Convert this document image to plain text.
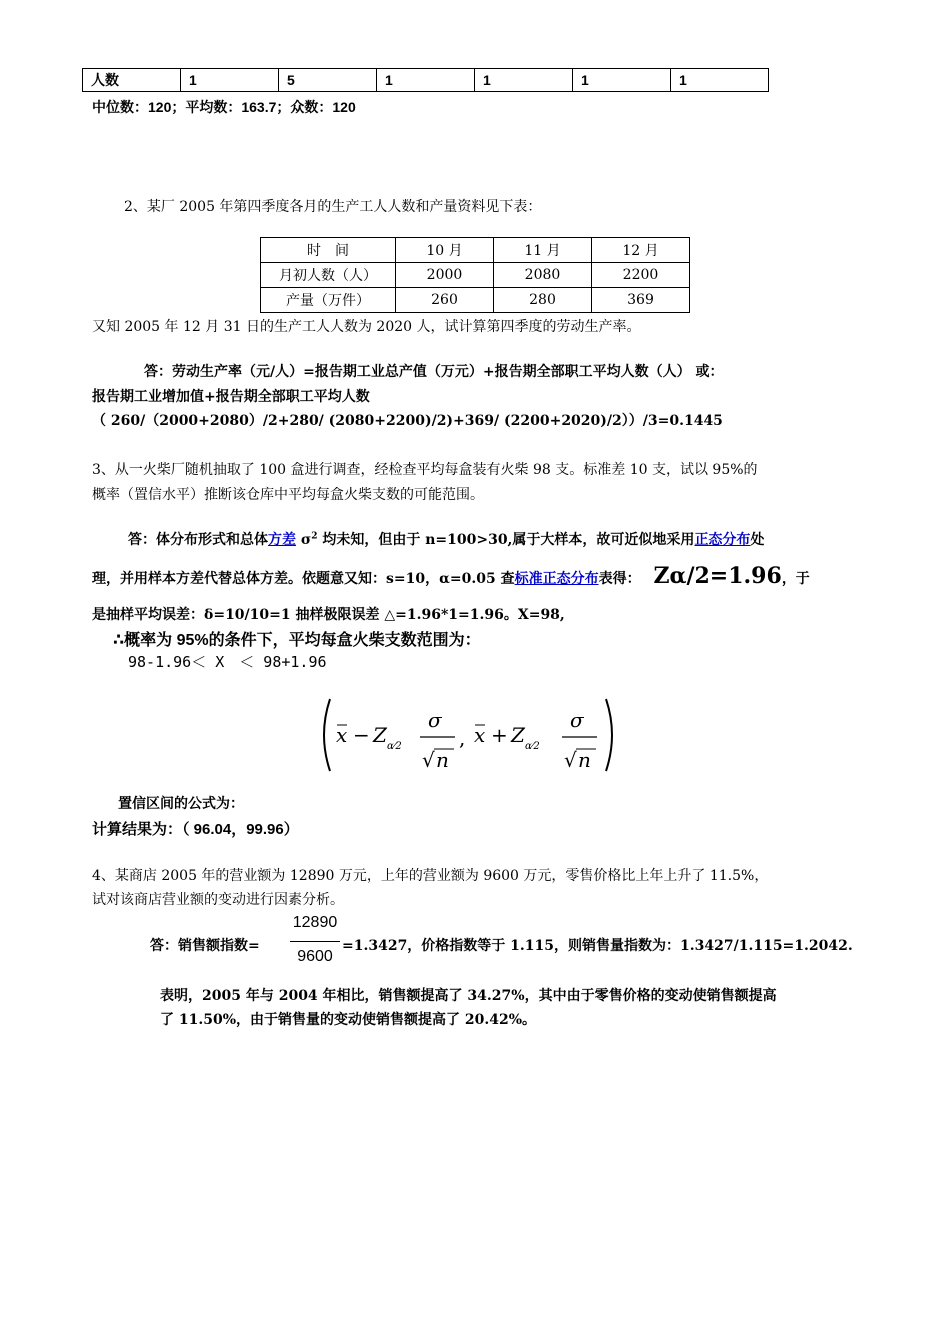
人数	1	5	1	1	1	1
中位数：120；平均数：163.7；众数：120
2、某厂 2005 年第四季度各月的生产工人人数和产量资料见下表：
时　间	10 月	11 月	12 月
月初人数（人）	2000	2080	2200
产量（万件）	260	280	369
又知 2005 年 12 月 31 日的生产工人人数为 2020 人，试计算第四季度的劳动生产率。
答：劳动生产率（元/人）=报告期工业总产值（万元）+报告期全部职工平均人数（人） 或：
报告期工业增加值+报告期全部职工平均人数
（ 260/（2000+2080）/2+280/ (2080+2200)/2)+369/ (2200+2020)/2））/3=0.1445
3、从一火柴厂随机抽取了 100 盒进行调查，经检查平均每盒装有火柴 98 支。标准差 10 支，试以 95%的
概率（置信水平）推断该仓库中平均每盒火柴支数的可能范围。
答：体分布形式和总体方差 $\sigma^2$ 均未知，但由于 n=100>30,属于大样本，故可近似地采用正态分布处
理，并用样本方差代替总体方差。依题意又知：s=10，α=0.05 查标准正态分布表得： Zα/2=1.96，于
是抽样平均误差：δ=10/10=1 抽样极限误差 △=1.96*1=1.96。X=98,
∴概率为 95%的条件下，平均每盒火柴支数范围为：
98-1.96＜ X　＜ 98+1.96
x − Z α⁄2
σ
√ n
, x + Z α⁄2
σ
√ n
置信区间的公式为：
计算结果为：（ 96.04，99.96）
4、某商店 2005 年的营业额为 12890 万元，上年的营业额为 9600 万元，零售价格比上年上升了 11.5%，
试对该商店营业额的变动进行因素分析。
答：销售额指数=
12890
9600
=1.3427，价格指数等于 1.115，则销售量指数为：1.3427/1.115=1.2042.
表明，2005 年与 2004 年相比，销售额提高了 34.27%，其中由于零售价格的变动使销售额提高
了 11.50%，由于销售量的变动使销售额提高了 20.42%。
